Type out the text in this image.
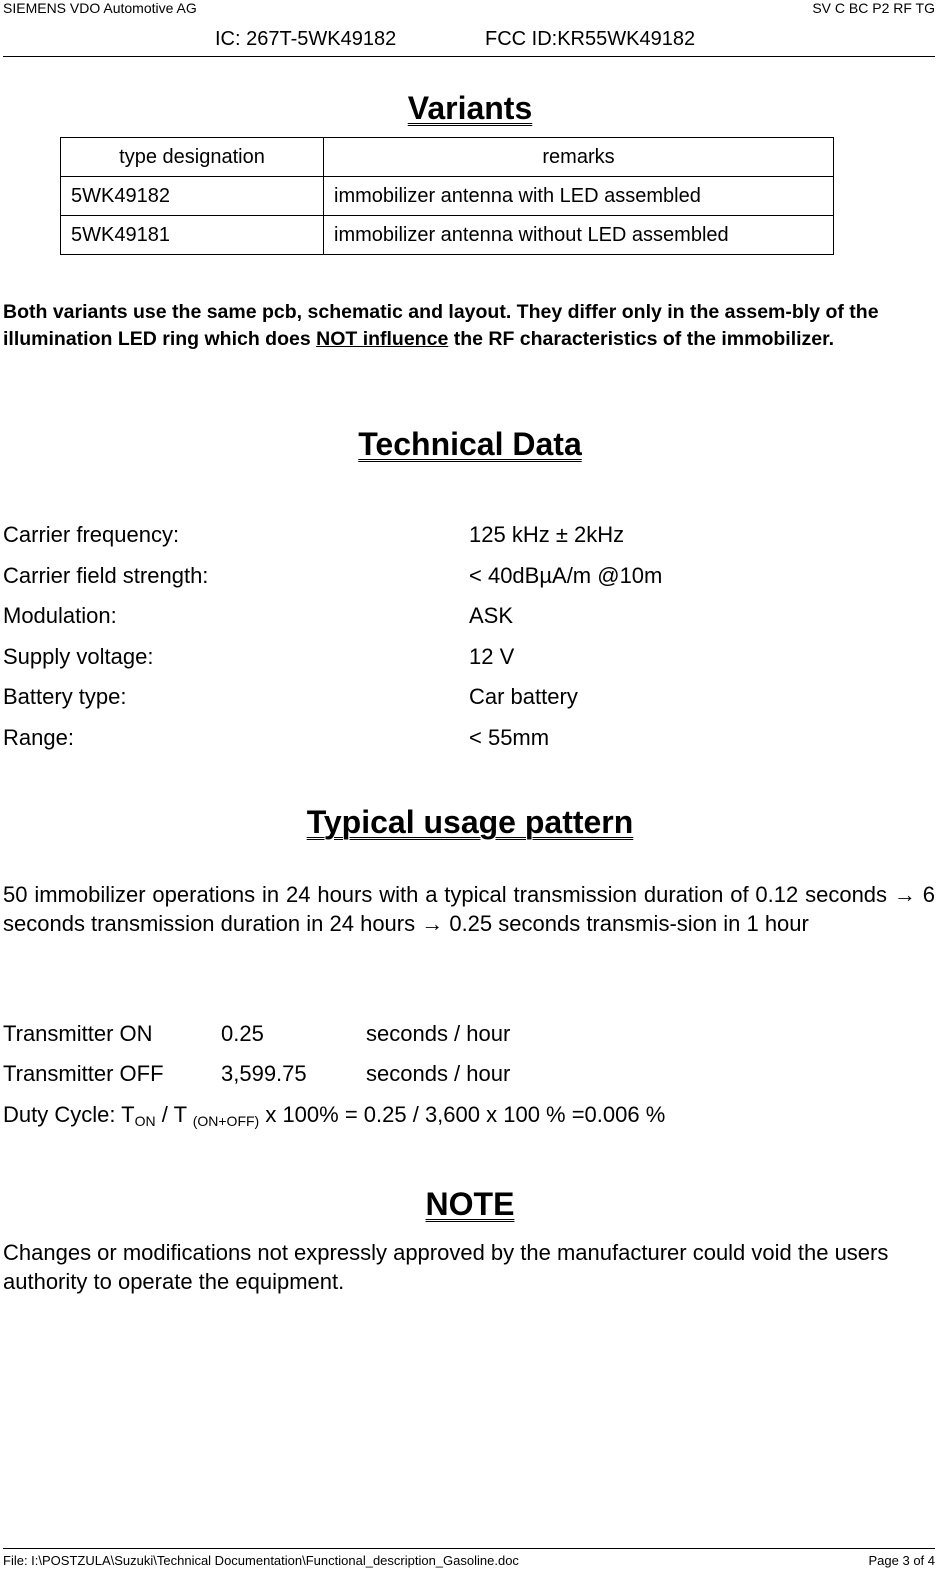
SIEMENS VDO Automotive AG	SV C BC P2 RF TG
IC: 267T-5WK49182	FCC ID:KR55WK49182
Variants
type designation	remarks
5WK49182	immobilizer antenna with LED assembled
5WK49181	immobilizer antenna without LED assembled
Both variants use the same pcb, schematic and layout. They differ only in the assem-bly of the illumination LED ring which does NOT influence the RF characteristics of the immobilizer.
Technical Data
Carrier frequency:	125 kHz ± 2kHz
Carrier field strength:	< 40dBµA/m @10m
Modulation:	ASK
Supply voltage:	12 V
Battery type:	Car battery
Range:	< 55mm
Typical usage pattern
50 immobilizer operations in 24 hours with a typical transmission duration of 0.12 seconds → 6 seconds transmission duration in 24 hours → 0.25 seconds transmis-sion in 1 hour
Transmitter ON	0.25	seconds / hour
Transmitter OFF	3,599.75	seconds / hour
Duty Cycle: $T_{ON}$ / T $_{(ON+OFF)}$ x 100% = 0.25 / 3,600 x 100 % =0.006 %
NOTE
Changes or modifications not expressly approved by the manufacturer could void the users authority to operate the equipment.
File: I:\POSTZULA\Suzuki\Technical Documentation\Functional_description_Gasoline.doc	Page 3 of 4
